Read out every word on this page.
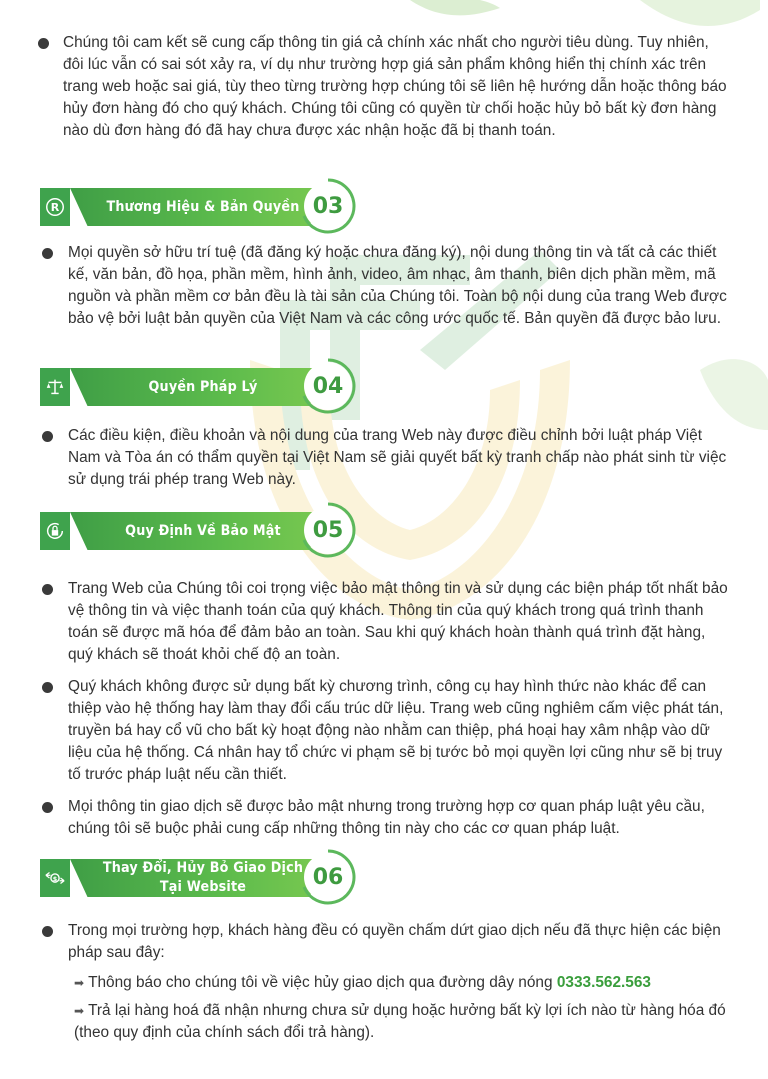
Chúng tôi cam kết sẽ cung cấp thông tin giá cả chính xác nhất cho người tiêu dùng. Tuy nhiên, đôi lúc vẫn có sai sót xảy ra, ví dụ như trường hợp giá sản phẩm không hiển thị chính xác trên trang web hoặc sai giá, tùy theo từng trường hợp chúng tôi sẽ liên hệ hướng dẫn hoặc thông báo hủy đơn hàng đó cho quý khách. Chúng tôi cũng có quyền từ chối hoặc hủy bỏ bất kỳ đơn hàng nào dù đơn hàng đó đã hay chưa được xác nhận hoặc đã bị thanh toán.
R	Thương Hiệu & Bản Quyền 03
Mọi quyền sở hữu trí tuệ (đã đăng ký hoặc chưa đăng ký), nội dung thông tin và tất cả các thiết kế, văn bản, đồ họa, phần mềm, hình ảnh, video, âm nhạc, âm thanh, biên dịch phần mềm, mã nguồn và phần mềm cơ bản đều là tài sản của Chúng tôi. Toàn bộ nội dung của trang Web được bảo vệ bởi luật bản quyền của Việt Nam và các công ước quốc tế. Bản quyền đã được bảo lưu.
Quyền Pháp Lý	04
Các điều kiện, điều khoản và nội dung của trang Web này được điều chỉnh bởi luật pháp Việt Nam và Tòa án có thẩm quyền tại Việt Nam sẽ giải quyết bất kỳ tranh chấp nào phát sinh từ việc sử dụng trái phép trang Web này.
Quy Định Về Bảo Mật	05
Trang Web của Chúng tôi coi trọng việc bảo mật thông tin và sử dụng các biện pháp tốt nhất bảo vệ thông tin và việc thanh toán của quý khách. Thông tin của quý khách trong quá trình thanh toán sẽ được mã hóa để đảm bảo an toàn. Sau khi quý khách hoàn thành quá trình đặt hàng, quý khách sẽ thoát khỏi chế độ an toàn.
Quý khách không được sử dụng bất kỳ chương trình, công cụ hay hình thức nào khác để can thiệp vào hệ thống hay làm thay đổi cấu trúc dữ liệu. Trang web cũng nghiêm cấm việc phát tán, truyền bá hay cổ vũ cho bất kỳ hoạt động nào nhằm can thiệp, phá hoại hay xâm nhập vào dữ liệu của hệ thống. Cá nhân hay tổ chức vi phạm sẽ bị tước bỏ mọi quyền lợi cũng như sẽ bị truy tố trước pháp luật nếu cần thiết.
Mọi thông tin giao dịch sẽ được bảo mật nhưng trong trường hợp cơ quan pháp luật yêu cầu, chúng tôi sẽ buộc phải cung cấp những thông tin này cho các cơ quan pháp luật.
$
Thay Đổi, Hủy Bỏ Giao Dịch
Tại Website	06
Trong mọi trường hợp, khách hàng đều có quyền chấm dứt giao dịch nếu đã thực hiện các biện pháp sau đây:
➡ Thông báo cho chúng tôi về việc hủy giao dịch qua đường dây nóng 0333.562.563
➡ Trả lại hàng hoá đã nhận nhưng chưa sử dụng hoặc hưởng bất kỳ lợi ích nào từ hàng hóa đó (theo quy định của chính sách đổi trả hàng).
